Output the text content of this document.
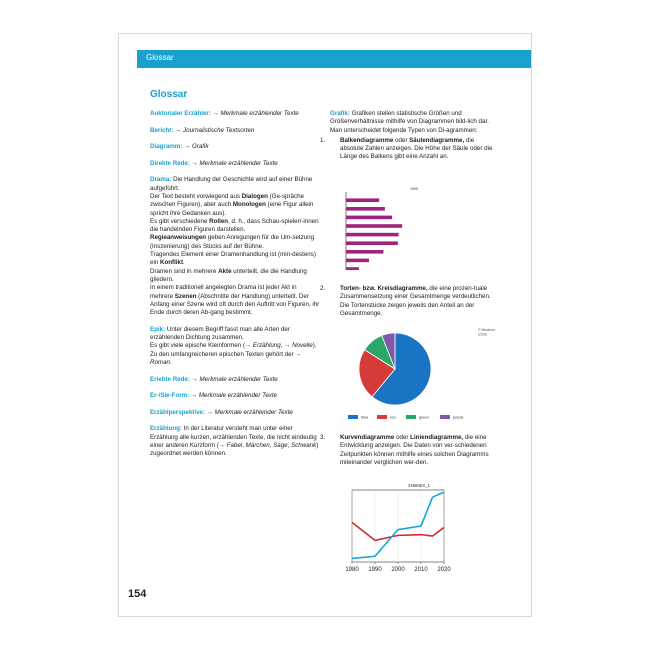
Glossar
Glossar

Auktorialer Erzähler: → Merkmale erzählender Texte

Bericht: → Journalistische Textsorten

Diagramm: → Grafik

Direkte Rede: → Merkmale erzählender Texte

Drama: Die Handlung der Geschichte wird auf einer Bühne aufgeführt.
Der Text besteht vorwiegend aus Dialogen (Ge-spräche zwischen Figuren), aber auch Monologen (eine Figur allein spricht ihre Gedanken aus).
Es gibt verschiedene Rollen, d. h., dass Schau-spieler/-innen die handelnden Figuren darstellen.
Regieanweisungen geben Anregungen für die Um-setzung (Inszenierung) des Stücks auf der Bühne.
Tragendes Element einer Dramenhandlung ist (min-destens) ein Konflikt.
Dramen sind in mehrere Akte unterteilt, die die Handlung gliedern.
In einem traditionell angelegten Drama ist jeder Akt in mehrere Szenen (Abschnitte der Handlung) unterteilt. Der Anfang einer Szene wird oft durch den Auftritt von Figuren, ihr Ende durch deren Ab-gang bestimmt.

Epik: Unter diesem Begriff fasst man alle Arten der erzählenden Dichtung zusammen.
Es gibt viele epische Kleinformen (→ Erzählung, → Novelle).
Zu den umfangreicheren epischen Texten gehört der → Roman.

Erlebte Rede: → Merkmale erzählender Texte

Er-/Sie-Form: → Merkmale erzählender Texte

Erzählperspektive: → Merkmale erzählender Texte

Erzählung: In der Literatur versteht man unter einer Erzählung alle kurzen, erzählenden Texte, die nicht eindeutig einer anderen Kurzform (→ Fabel, Märchen, Sage, Schwank) zugeordnet werden können.

Grafik: Grafiken stellen statistische Größen und Größenverhältnisse mithilfe von Diagrammen bild-lich dar. Man unterscheidet folgende Typen von Di-agrammen:

1. Balkendiagramme oder Säulendiagramme, die absolute Zahlen anzeigen. Die Höhe der Säule oder die Länge des Balkens gibt eine Anzahl an.
1995
2. Torten- bzw. Kreisdiagramme, die eine prozen-tuale Zusammensetzung einer Gesamtmenge verdeutlichen. Die Tortenstücke zeigen jeweils den Anteil an der Gesamtmenge.
© Whatever
(2016)
blue	red	green	purple
3. Kurvendiagramme oder Liniendiagramme, die eine Entwicklung anzeigen. Die Daten von ver-schiedenen Zeitpunkten können mithilfe eines solchen Diagramms miteinander verglichen wer-den.
1980 1990 2000 2010 2020
34966EX_1
154
